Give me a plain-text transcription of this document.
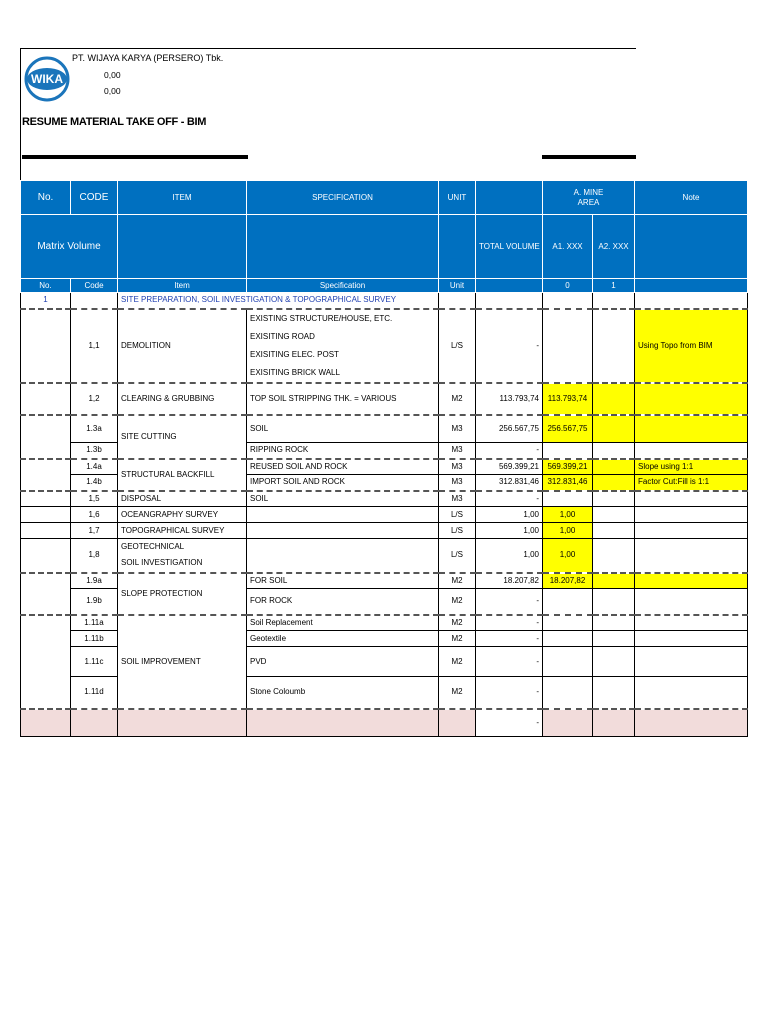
WIKA
PT. WIJAYA KARYA (PERSERO) Tbk.
0,00
0,00
RESUME MATERIAL TAKE OFF - BIM
No.	CODE	ITEM	SPECIFICATION	UNIT		A. MINE
AREA		Note
Matrix Volume					TOTAL VOLUME	A1. XXX	A2. XXX	
No.	Code	Item	Specification	Unit		0	1	
1		SITE PREPARATION, SOIL INVESTIGATION & TOPOGRAPHICAL SURVEY						
	1,1	DEMOLITION	EXISTING STRUCTURE/HOUSE, ETC.
EXISITING ROAD
EXISITING ELEC. POST
EXISITING BRICK WALL	L/S	-			Using Topo from BIM
	1,2	CLEARING & GRUBBING	TOP SOIL STRIPPING THK. = VARIOUS	M2	113.793,74	113.793,74		
	1.3a	SITE CUTTING	SOIL	M3	256.567,75	256.567,75		
	1.3b		RIPPING ROCK	M3	-			
	1.4a	STRUCTURAL BACKFILL	REUSED SOIL AND ROCK	M3	569.399,21	569.399,21		Slope using 1:1
	1.4b		IMPORT SOIL AND ROCK	M3	312.831,46	312.831,46		Factor Cut:Fill is 1:1
	1,5	DISPOSAL	SOIL	M3	-			
	1,6	OCEANGRAPHY SURVEY		L/S	1,00	1,00		
	1,7	TOPOGRAPHICAL SURVEY		L/S	1,00	1,00		
	1,8	GEOTECHNICAL
SOIL INVESTIGATION		L/S	1,00	1,00		
	1.9a	SLOPE PROTECTION	FOR SOIL	M2	18.207,82	18.207,82		
	1.9b		FOR ROCK	M2	-			
	1.11a	SOIL IMPROVEMENT	Soil Replacement	M2	-			
	1.11b		Geotextile	M2	-			
	1.11c		PVD	M2	-			
	1.11d		Stone Coloumb	M2	-			
					-			
